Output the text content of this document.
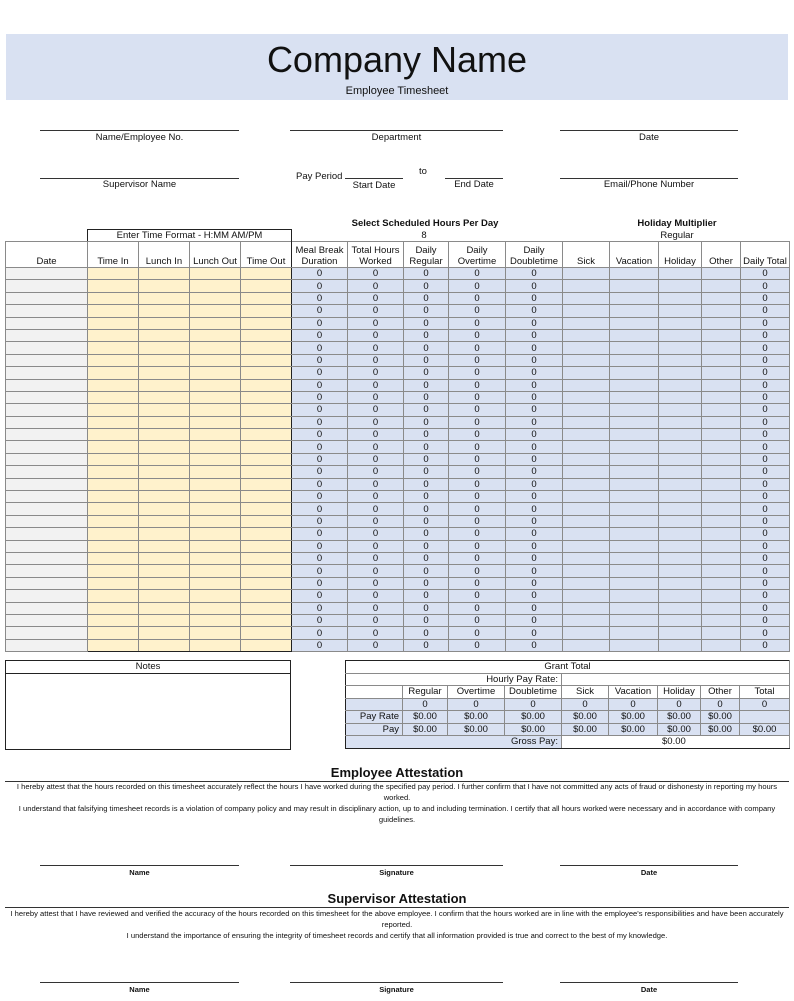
Company Name
Employee Timesheet
Name/Employee No.	Department	Date
Supervisor Name
Pay Period	to
Start Date	End Date	Email/Phone Number
Select Scheduled Hours Per Day
8
Holiday Multiplier
Regular
Enter Time Format - H:MM AM/PM
Date	Time In	Lunch In	Lunch Out	Time Out	Meal Break Duration	Total Hours Worked	Daily Regular	Daily Overtime	Daily Doubletime	Sick	Vacation	Holiday	Other	Daily Total
					0	0	0	0	0					0
					0	0	0	0	0					0
					0	0	0	0	0					0
					0	0	0	0	0					0
					0	0	0	0	0					0
					0	0	0	0	0					0
					0	0	0	0	0					0
					0	0	0	0	0					0
					0	0	0	0	0					0
					0	0	0	0	0					0
					0	0	0	0	0					0
					0	0	0	0	0					0
					0	0	0	0	0					0
					0	0	0	0	0					0
					0	0	0	0	0					0
					0	0	0	0	0					0
					0	0	0	0	0					0
					0	0	0	0	0					0
					0	0	0	0	0					0
					0	0	0	0	0					0
					0	0	0	0	0					0
					0	0	0	0	0					0
					0	0	0	0	0					0
					0	0	0	0	0					0
					0	0	0	0	0					0
					0	0	0	0	0					0
					0	0	0	0	0					0
					0	0	0	0	0					0
					0	0	0	0	0					0
					0	0	0	0	0					0
					0	0	0	0	0					0
Notes	Grant Total								
Hourly Pay Rate:								
	Regular	Overtime	Doubletime	Sick	Vacation	Holiday	Other	Total
	0	0	0	0	0	0	0	0
Pay Rate	$0.00	$0.00	$0.00	$0.00	$0.00	$0.00	$0.00	
Pay	$0.00	$0.00	$0.00	$0.00	$0.00	$0.00	$0.00	$0.00
Gross Pay:				$0.00				
Employee Attestation
I hereby attest that the hours recorded on this timesheet accurately reflect the hours I have worked during the specified pay period. I further confirm that I have not committed any acts of fraud or dishonesty in reporting my hours worked.
I understand that falsifying timesheet records is a violation of company policy and may result in disciplinary action, up to and including termination. I certify that all hours worked were necessary and in accordance with company guidelines.
Name	Signature	Date
Supervisor Attestation
I hereby attest that I have reviewed and verified the accuracy of the hours recorded on this timesheet for the above employee. I confirm that the hours worked are in line with the employee's responsibilities and have been accurately reported.
I understand the importance of ensuring the integrity of timesheet records and certify that all information provided is true and correct to the best of my knowledge.
Name	Signature	Date
